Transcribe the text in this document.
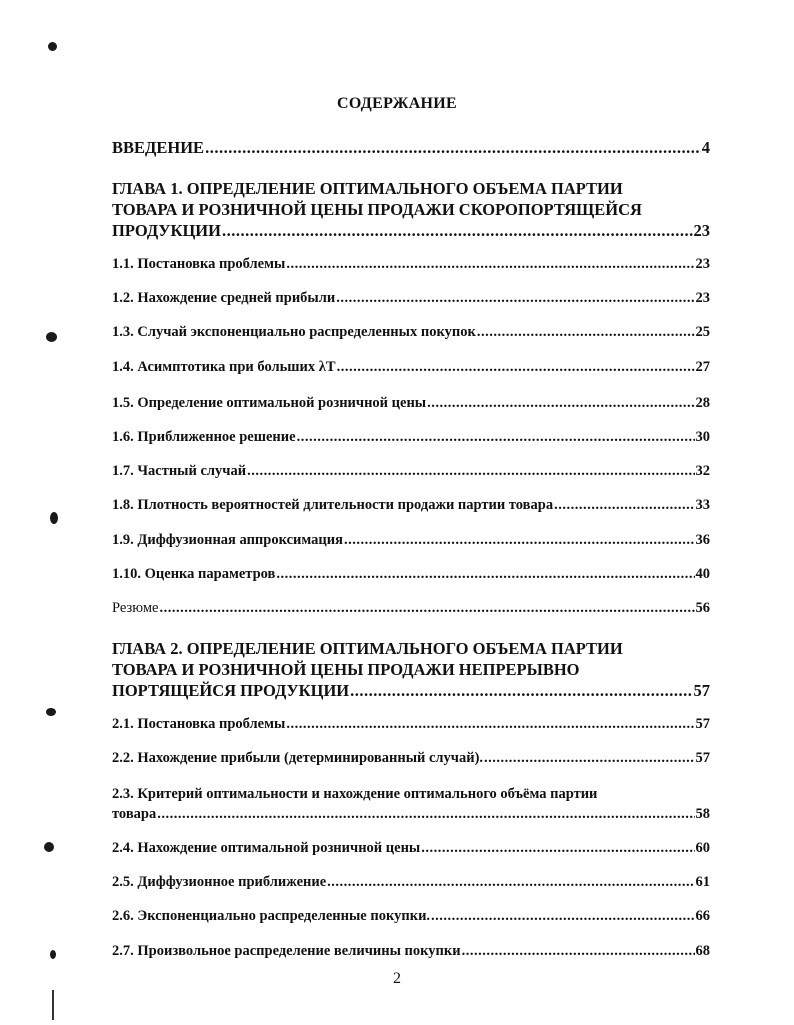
СОДЕРЖАНИЕ
ВВЕДЕНИЕ .....	4
ГЛАВА 1. ОПРЕДЕЛЕНИЕ ОПТИМАЛЬНОГО ОБЪЕМА ПАРТИИ
ТОВАРА И РОЗНИЧНОЙ ЦЕНЫ ПРОДАЖИ СКОРОПОРТЯЩЕЙСЯ
ПРОДУКЦИИ .....	23
1.1. Постановка проблемы .....	23
1.2. Нахождение средней прибыли .....	23
1.3. Случай экспоненциально распределенных покупок .....	25
1.4. Асимптотика при больших λT .....	27
1.5. Определение оптимальной розничной цены .....	28
1.6. Приближенное решение .....	30
1.7. Частный случай .....	32
1.8. Плотность вероятностей длительности продажи партии товара .....	33
1.9. Диффузионная аппроксимация .....	36
1.10. Оценка параметров .....	40
Резюме .....	56
ГЛАВА 2. ОПРЕДЕЛЕНИЕ ОПТИМАЛЬНОГО ОБЪЕМА ПАРТИИ
ТОВАРА И РОЗНИЧНОЙ ЦЕНЫ ПРОДАЖИ НЕПРЕРЫВНО
ПОРТЯЩЕЙСЯ ПРОДУКЦИИ .....	57
2.1. Постановка проблемы .....	57
2.2. Нахождение прибыли (детерминированный случай). .....	57
2.3. Критерий оптимальности и нахождение оптимального объёма партии
товара .....	58
2.4. Нахождение оптимальной розничной цены .....	60
2.5. Диффузионное приближение .....	61
2.6. Экспоненциально распределенные покупки. .....	66
2.7. Произвольное распределение величины покупки .....	68
2
